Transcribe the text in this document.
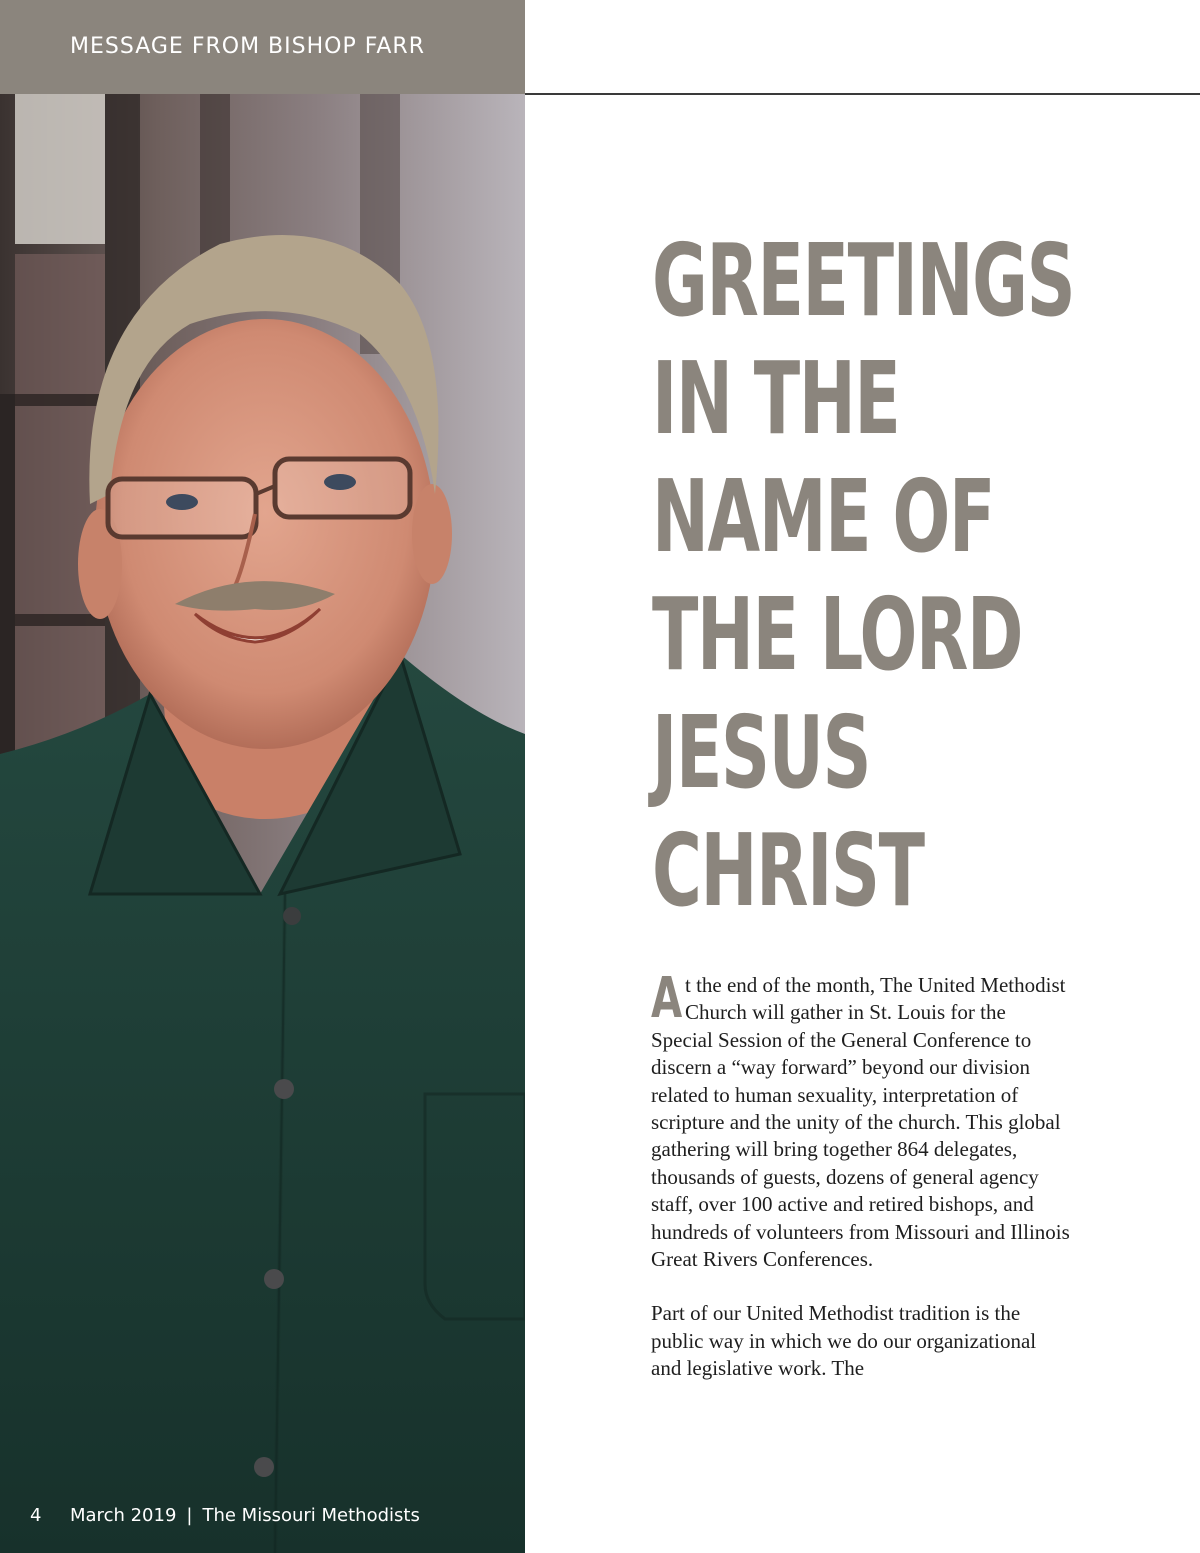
MESSAGE FROM BISHOP FARR
GREETINGS
IN THE
NAME OF
THE LORD
JESUS
CHRIST

At the end of the month, The United Methodist Church will gather in St. Louis for the Special Session of the General Conference to discern a “way forward” beyond our division related to human sexuality, interpretation of scripture and the unity of the church. This global gathering will bring together 864 delegates, thousands of guests, dozens of general agency staff, over 100 active and retired bishops, and hundreds of volunteers from Missouri and Illinois Great Rivers Conferences.

Part of our United Methodist tradition is the public way in which we do our organizational and legislative work. The

4	March 2019 | The Missouri Methodists
